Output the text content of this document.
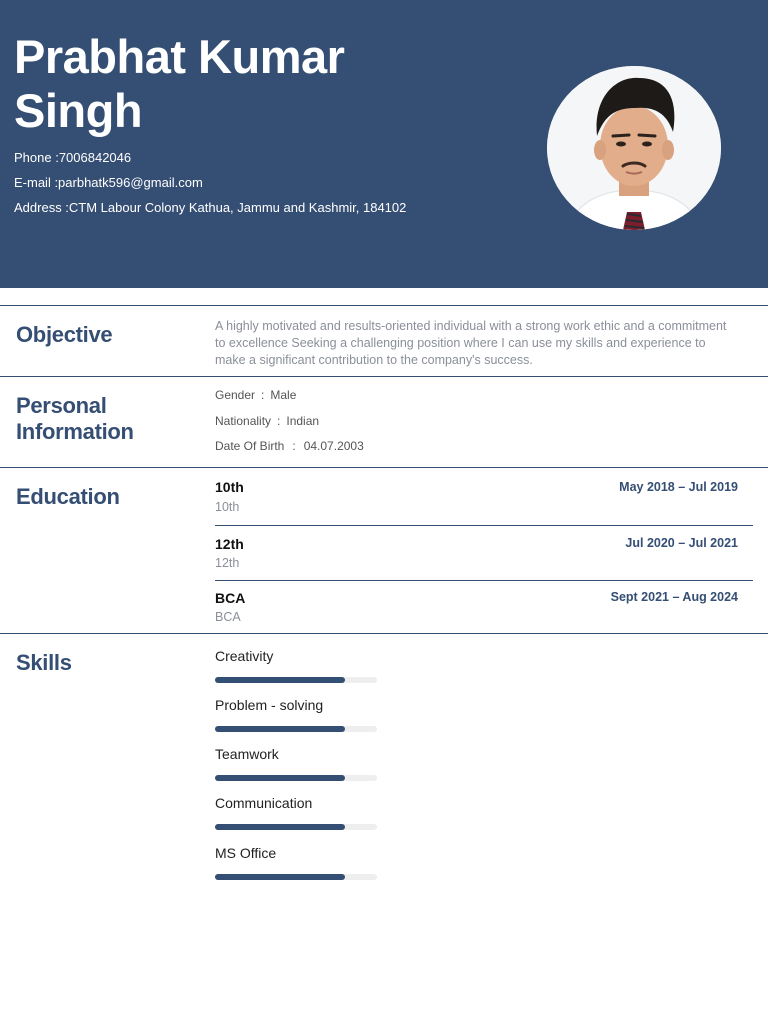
Prabhat Kumar Singh
Phone :7006842046
E-mail :parbhatk596@gmail.com
Address :CTM Labour Colony Kathua, Jammu and Kashmir, 184102
Objective	A highly motivated and results-oriented individual with a strong work ethic and a commitment to excellence Seeking a challenging position where I can use my skills and experience to make a significant contribution to the company's success.
Personal Information
Gender : Male
Nationality : Indian
Date Of Birth : 04.07.2003
Education	10th	May 2018 – Jul 2019
10th
12th	Jul 2020 – Jul 2021
12th
BCA	Sept 2021 – Aug 2024
BCA
Skills	Creativity
Problem - solving
Teamwork
Communication
MS Office
